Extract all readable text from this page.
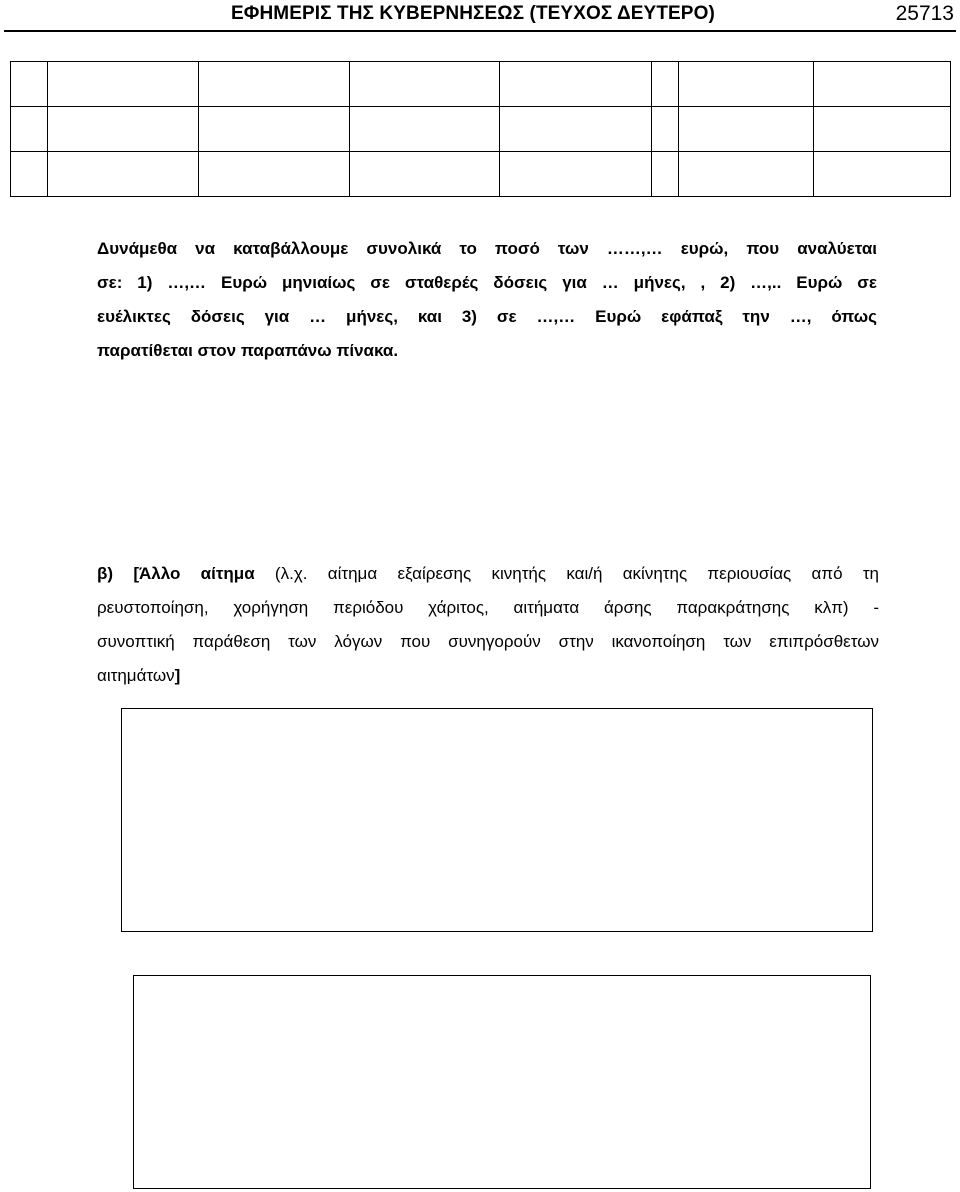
ΕΦΗΜΕΡΙΣ ΤΗΣ ΚΥΒΕΡΝΗΣΕΩΣ (ΤΕΥΧΟΣ ΔΕΥΤΕΡΟ)	25713

Δυνάμεθα να καταβάλλουμε συνολικά το ποσό των ……,… ευρώ, που αναλύεται
σε: 1) …,… Ευρώ μηνιαίως σε σταθερές δόσεις για … μήνες, , 2) …,.. Ευρώ σε
ευέλικτες δόσεις για … μήνες, και 3) σε …,… Ευρώ εφάπαξ την …, όπως
παρατίθεται στον παραπάνω πίνακα.

β) [Άλλο αίτημα (λ.χ. αίτημα εξαίρεσης κινητής και/ή ακίνητης περιουσίας από τη
ρευστοποίηση, χορήγηση περιόδου χάριτος, αιτήματα άρσης παρακράτησης κλπ) -
συνοπτική παράθεση των λόγων που συνηγορούν στην ικανοποίηση των επιπρόσθετων
αιτημάτων]
